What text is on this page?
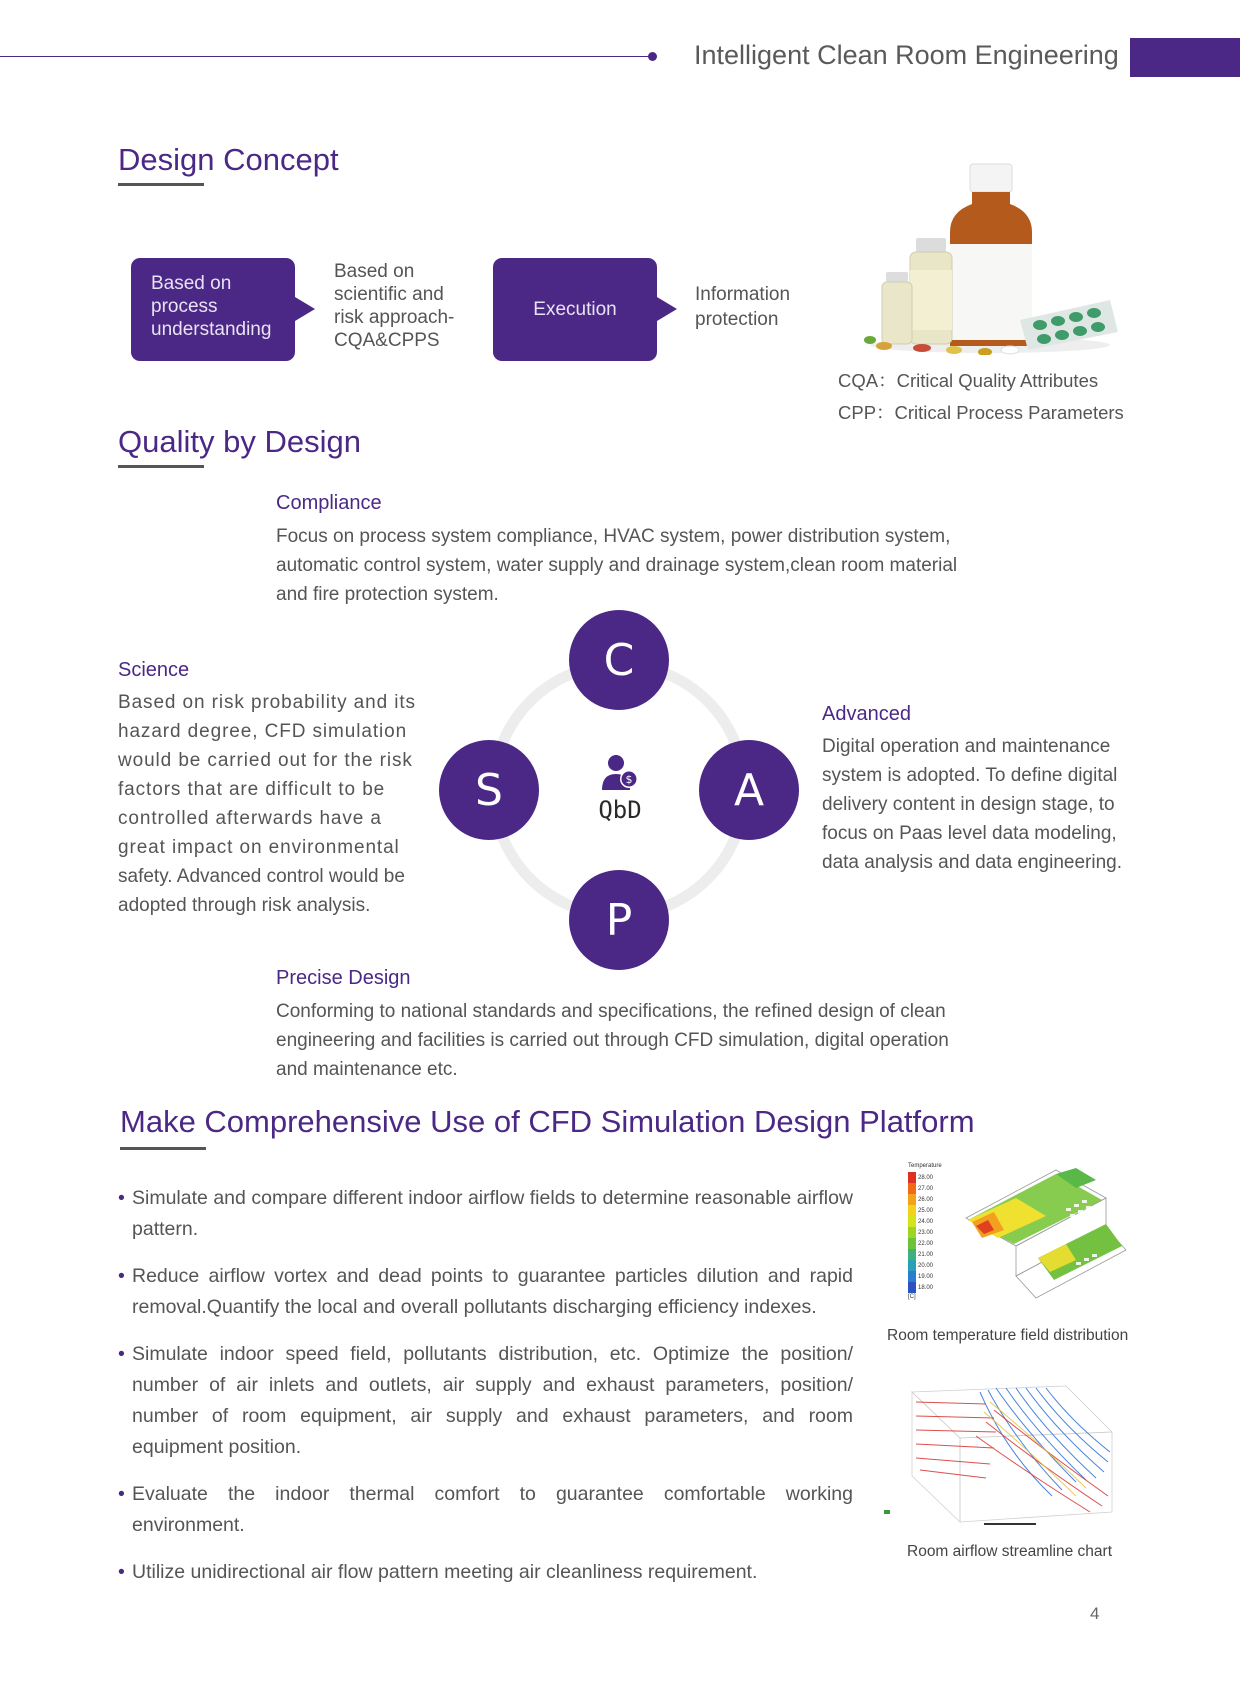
Intelligent Clean Room Engineering
Design Concept
Based on
process
understanding
Based on
scientific and
risk approach-
CQA&CPPS
Execution
Information
protection
CQA：Critical Quality Attributes
CPP：Critical Process Parameters
Quality by Design
Compliance
Focus on process system compliance, HVAC system, power distribution system,
automatic control system, water supply and drainage system,clean room material
and fire protection system.
Science
Based on risk probability and its
hazard degree, CFD simulation
would be carried out for the risk
factors that are difficult to be
controlled afterwards have a
great impact on environmental
safety. Advanced control would be
adopted through risk analysis.
C
S	A
P
$
QbD
Advanced
Digital operation and maintenance
system is adopted. To define digital
delivery content in design stage, to
focus on Paas level data modeling,
data analysis and data engineering.
Precise Design
Conforming to national standards and specifications, the refined design of clean
engineering and facilities is carried out through CFD simulation, digital operation
and maintenance etc.
Make Comprehensive Use of CFD Simulation Design Platform
• Simulate and compare different indoor airflow fields to determine reasonable airflow pattern.
• Reduce airflow vortex and dead points to guarantee particles dilution and rapid removal.Quantify the local and overall pollutants discharging efficiency indexes.
• Simulate indoor speed field, pollutants distribution, etc. Optimize the position/ number of air inlets and outlets, air supply and exhaust parameters, position/ number of room equipment, air supply and exhaust parameters, and room equipment position.
• Evaluate the indoor thermal comfort to guarantee comfortable working environment.
• Utilize unidirectional air flow pattern meeting air cleanliness requirement.
Temperature
28.00
27.00
26.00
25.00
24.00
23.00
22.00
21.00
20.00
19.00
18.00
[C]
Room temperature field distribution
Room airflow streamline chart
4
